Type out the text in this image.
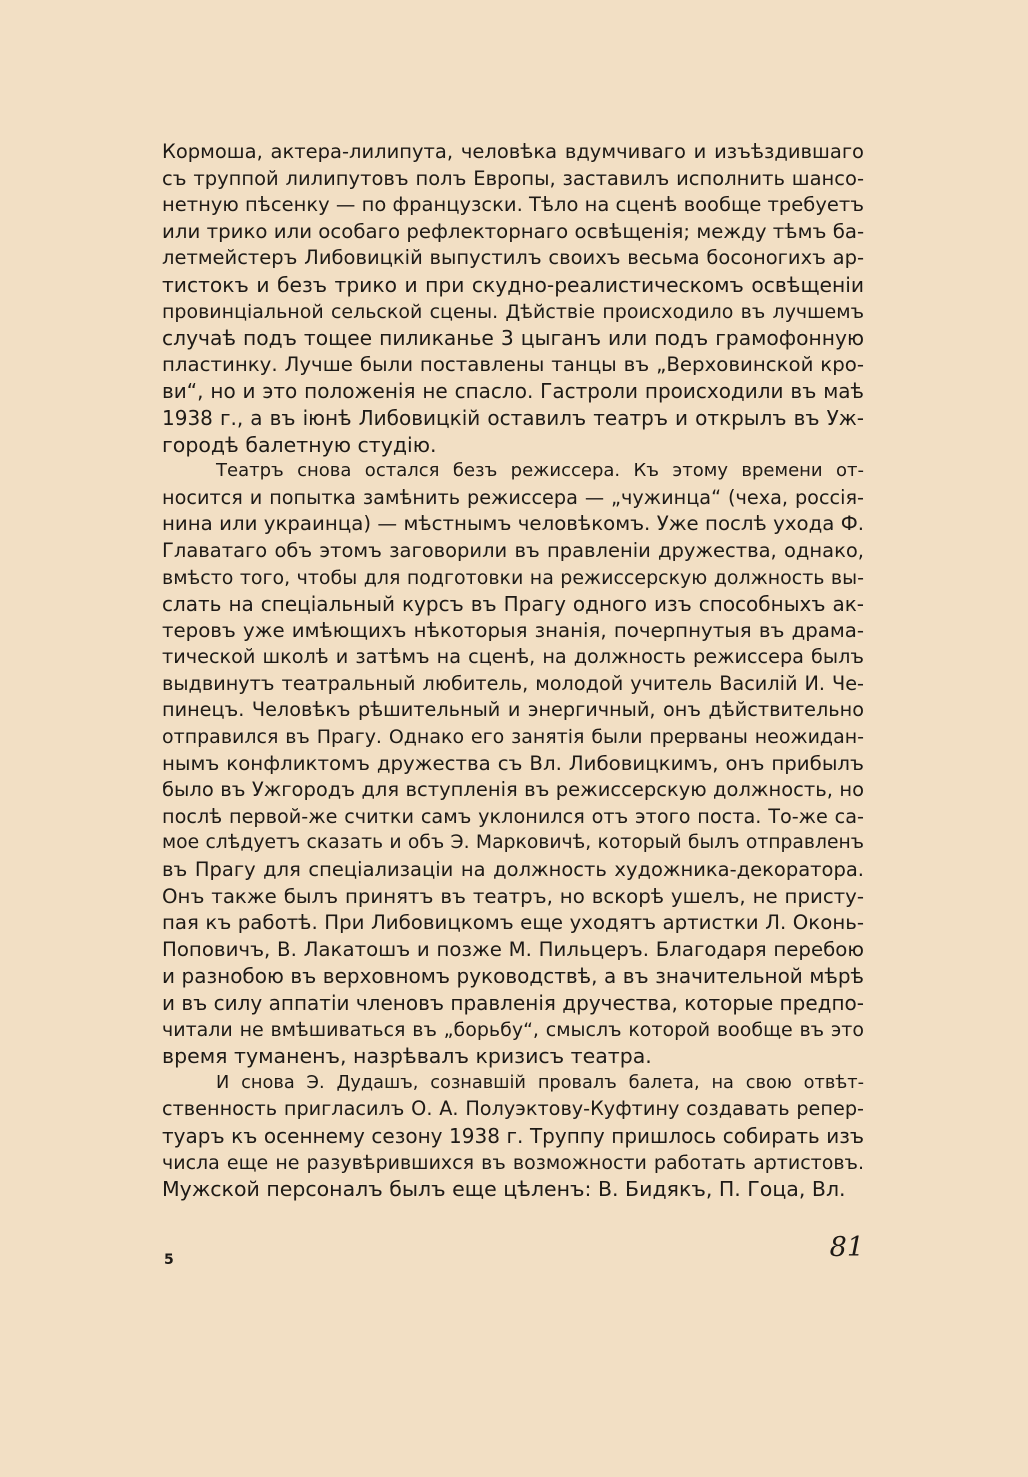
Кормоша, актера-лилипута, человѣка вдумчиваго и изъѣздившаго
съ труппой лилипутовъ полъ Европы, заставилъ исполнить шансо-
нетную пѣсенку — по французски. Тѣло на сценѣ вообще требуетъ
или трико или особаго рефлекторнаго освѣщенія; между тѣмъ ба-
летмейстеръ Либовицкій выпустилъ своихъ весьма босоногихъ ар-
тистокъ и безъ трико и при скудно-реалистическомъ освѣщеніи
провинціальной сельской сцены. Дѣйствіе происходило въ лучшемъ
случаѣ подъ тощее пиликанье 3 цыганъ или подъ грамофонную
пластинку. Лучше были поставлены танцы въ „Верховинской кро-
ви“, но и это положенія не спасло. Гастроли происходили въ маѣ
1938 г., а въ іюнѣ Либовицкій оставилъ театръ и открылъ въ Уж-
городѣ балетную студію.
Театръ снова остался безъ режиссера. Къ этому времени от-
носится и попытка замѣнить режиссера — „чужинца“ (чеха, россія-
нина или украинца) — мѣстнымъ человѣкомъ. Уже послѣ ухода Ф.
Главатаго объ этомъ заговорили въ правленіи дружества, однако,
вмѣсто того, чтобы для подготовки на режиссерскую должность вы-
слать на спеціальный курсъ въ Прагу одного изъ способныхъ ак-
теровъ уже имѣющихъ нѣкоторыя знанія, почерпнутыя въ драма-
тической школѣ и затѣмъ на сценѣ, на должность режиссера былъ
выдвинутъ театральный любитель, молодой учитель Василій И. Че-
пинецъ. Человѣкъ рѣшительный и энергичный, онъ дѣйствительно
отправился въ Прагу. Однако его занятія были прерваны неожидан-
нымъ конфликтомъ дружества съ Вл. Либовицкимъ, онъ прибылъ
было въ Ужгородъ для вступленія въ режиссерскую должность, но
послѣ первой-же считки самъ уклонился отъ этого поста. То-же са-
мое слѣдуетъ сказать и объ Э. Марковичѣ, который былъ отправленъ
въ Прагу для спеціализаціи на должность художника-декоратора.
Онъ также былъ принятъ въ театръ, но вскорѣ ушелъ, не присту-
пая къ работѣ. При Либовицкомъ еще уходятъ артистки Л. Оконь-
Поповичъ, В. Лакатошъ и позже М. Пильцеръ. Благодаря перебою
и разнобою въ верховномъ руководствѣ, а въ значительной мѣрѣ
и въ силу аппатіи членовъ правленія дручества, которые предпо-
читали не вмѣшиваться въ „борьбу“, смыслъ которой вообще въ это
время туманенъ, назрѣвалъ кризисъ театра.
И снова Э. Дудашъ, сознавшій провалъ балета, на свою отвѣт-
ственность пригласилъ О. А. Полуэктову-Куфтину создавать репер-
туаръ къ осеннему сезону 1938 г. Труппу пришлось собирать изъ
числа еще не разувѣрившихся въ возможности работать артистовъ.
Мужской персоналъ былъ еще цѣленъ: В. Бидякъ, П. Гоца, Вл.
5	81
